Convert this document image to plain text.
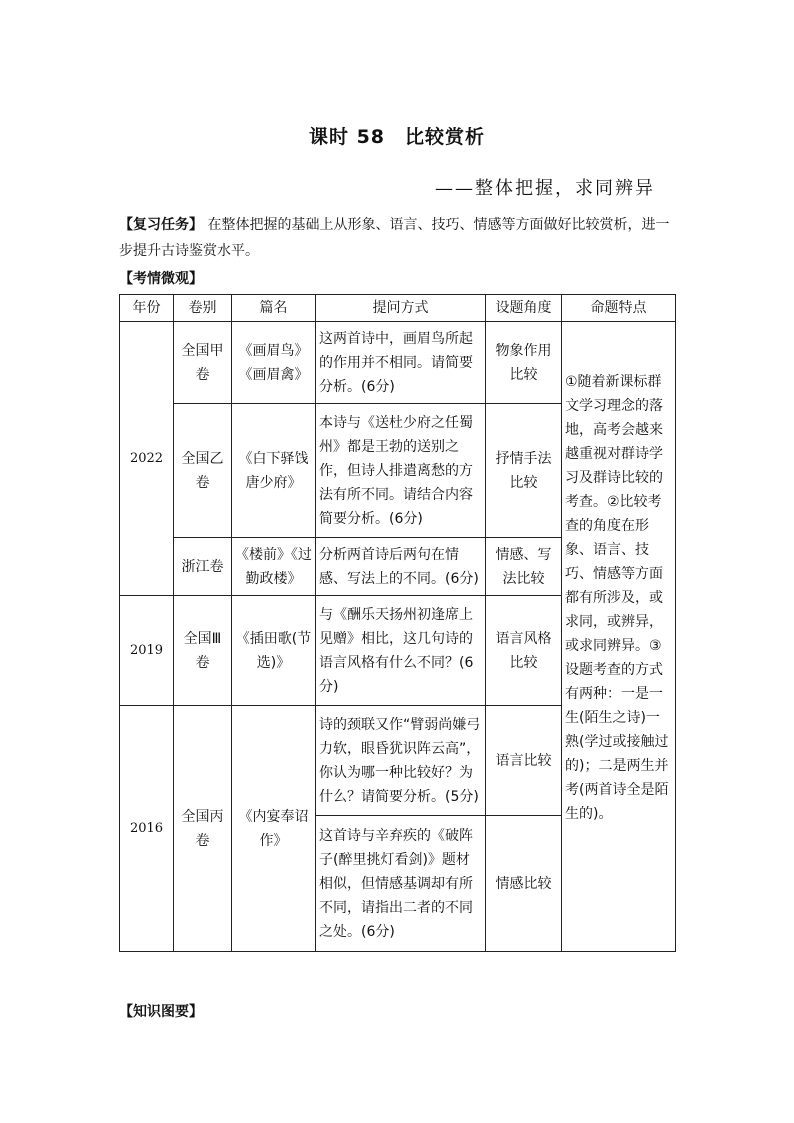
课时 58　比较赏析
——整体把握，求同辨异
【复习任务】 在整体把握的基础上从形象、语言、技巧、情感等方面做好比较赏析，进一步提升古诗鉴赏水平。
【考情微观】
年份	卷别	篇名	提问方式	设题角度	命题特点
2022	全国甲卷	《画眉鸟》《画眉禽》	这两首诗中，画眉鸟所起的作用并不相同。请简要分析。(6分)	物象作用比较	①随着新课标群文学习理念的落地，高考会越来越重视对群诗学习及群诗比较的考查。②比较考查的角度在形象、语言、技巧、情感等方面都有所涉及，或求同，或辨异，或求同辨异。③设题考查的方式有两种：一是一生(陌生之诗)一熟(学过或接触过的)；二是两生并考(两首诗全是陌生的)。
	全国乙卷	《白下驿饯唐少府》	本诗与《送杜少府之任蜀州》都是王勃的送别之作，但诗人排遣离愁的方法有所不同。请结合内容简要分析。(6分)	抒情手法比较	
	浙江卷	《楼前》《过勤政楼》	分析两首诗后两句在情感、写法上的不同。(6分)	情感、写法比较	
2019	全国Ⅲ卷	《插田歌(节选)》	与《酬乐天扬州初逢席上见赠》相比，这几句诗的语言风格有什么不同？(6分)	语言风格比较	
2016	全国丙卷	《内宴奉诏作》	诗的颈联又作“臂弱尚嫌弓力软，眼昏犹识阵云高”，你认为哪一种比较好？为什么？请简要分析。(5分)	语言比较	
			这首诗与辛弃疾的《破阵子(醉里挑灯看剑)》题材相似，但情感基调却有所不同，请指出二者的不同之处。(6分)	情感比较	
【知识图要】
